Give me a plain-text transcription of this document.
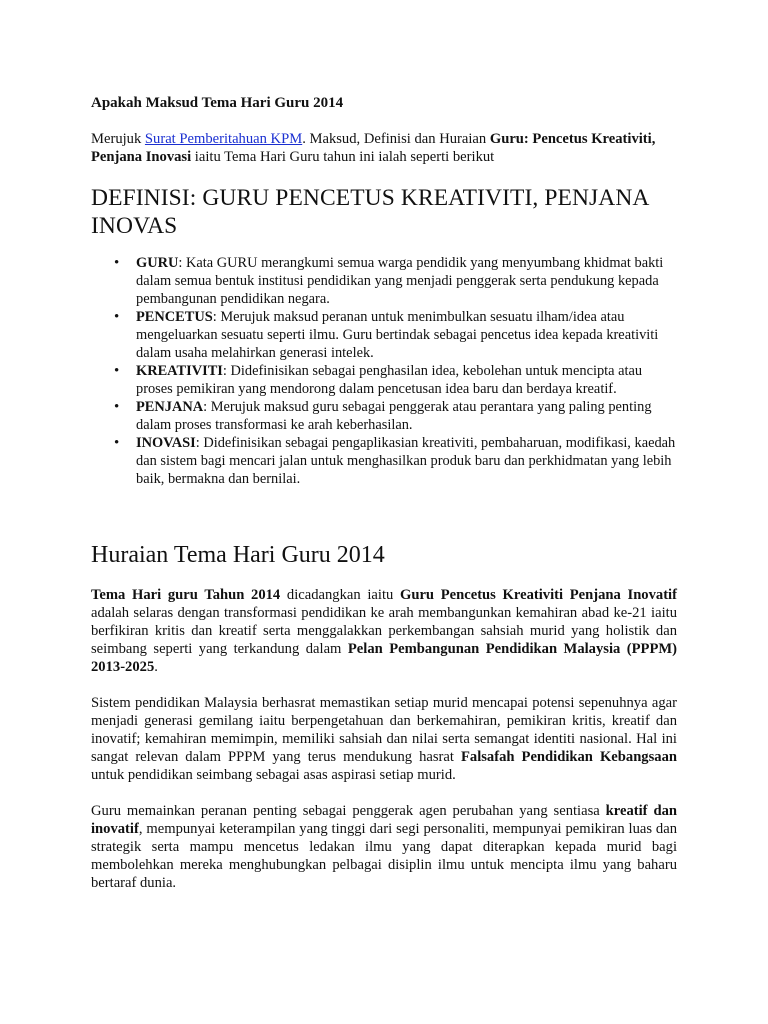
Apakah Maksud Tema Hari Guru 2014

Merujuk Surat Pemberitahuan KPM. Maksud, Definisi dan Huraian Guru: Pencetus Kreativiti, Penjana Inovasi iaitu Tema Hari Guru tahun ini ialah seperti berikut

DEFINISI: GURU PENCETUS KREATIVITI, PENJANA INOVAS
• GURU: Kata GURU merangkumi semua warga pendidik yang menyumbang khidmat bakti dalam semua bentuk institusi pendidikan yang menjadi penggerak serta pendukung kepada pembangunan pendidikan negara.
• PENCETUS: Merujuk maksud peranan untuk menimbulkan sesuatu ilham/idea atau mengeluarkan sesuatu seperti ilmu. Guru bertindak sebagai pencetus idea kepada kreativiti dalam usaha melahirkan generasi intelek.
• KREATIVITI: Didefinisikan sebagai penghasilan idea, kebolehan untuk mencipta atau proses pemikiran yang mendorong dalam pencetusan idea baru dan berdaya kreatif.
• PENJANA: Merujuk maksud guru sebagai penggerak atau perantara yang paling penting dalam proses transformasi ke arah keberhasilan.
• INOVASI: Didefinisikan sebagai pengaplikasian kreativiti, pembaharuan, modifikasi, kaedah dan sistem bagi mencari jalan untuk menghasilkan produk baru dan perkhidmatan yang lebih baik, bermakna dan bernilai.
Huraian Tema Hari Guru 2014

Tema Hari guru Tahun 2014 dicadangkan iaitu Guru Pencetus Kreativiti Penjana Inovatif adalah selaras dengan transformasi pendidikan ke arah membangunkan kemahiran abad ke-21 iaitu berfikiran kritis dan kreatif serta menggalakkan perkembangan sahsiah murid yang holistik dan seimbang seperti yang terkandung dalam Pelan Pembangunan Pendidikan Malaysia (PPPM) 2013-2025.

Sistem pendidikan Malaysia berhasrat memastikan setiap murid mencapai potensi sepenuhnya agar menjadi generasi gemilang iaitu berpengetahuan dan berkemahiran, pemikiran kritis, kreatif dan inovatif; kemahiran memimpin, memiliki sahsiah dan nilai serta semangat identiti nasional. Hal ini sangat relevan dalam PPPM yang terus mendukung hasrat Falsafah Pendidikan Kebangsaan untuk pendidikan seimbang sebagai asas aspirasi setiap murid.

Guru memainkan peranan penting sebagai penggerak agen perubahan yang sentiasa kreatif dan inovatif, mempunyai keterampilan yang tinggi dari segi personaliti, mempunyai pemikiran luas dan strategik serta mampu mencetus ledakan ilmu yang dapat diterapkan kepada murid bagi membolehkan mereka menghubungkan pelbagai disiplin ilmu untuk mencipta ilmu yang baharu bertaraf dunia.
